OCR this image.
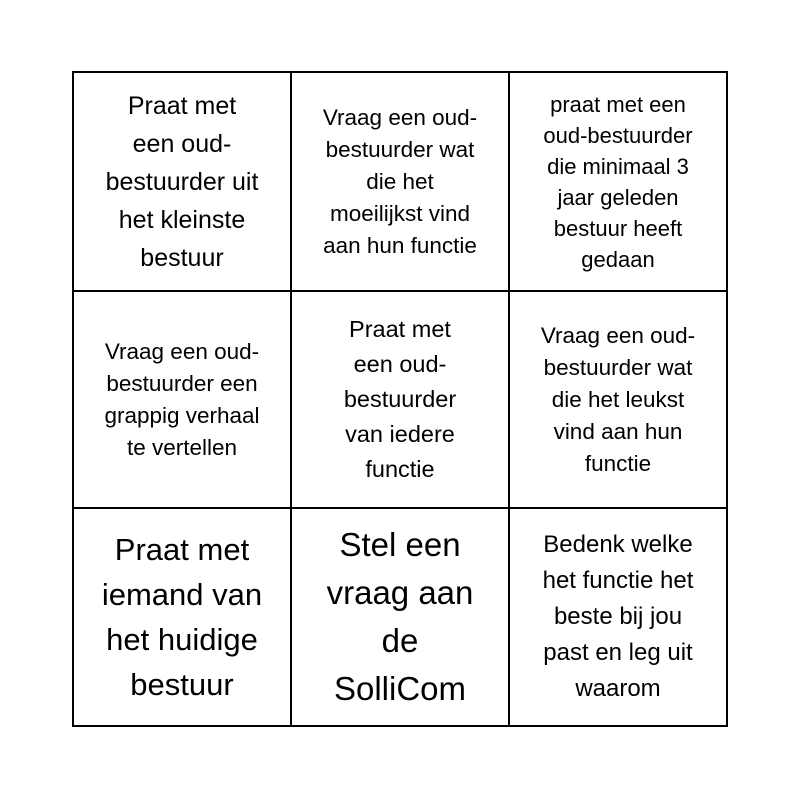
Praat met
een oud-
bestuurder uit
het kleinste
bestuur
Vraag een oud-
bestuurder wat
die het
moeilijkst vind
aan hun functie
praat met een
oud-bestuurder
die minimaal 3
jaar geleden
bestuur heeft
gedaan
Vraag een oud-
bestuurder een
grappig verhaal
te vertellen
Praat met
een oud-
bestuurder
van iedere
functie
Vraag een oud-
bestuurder wat
die het leukst
vind aan hun
functie
Praat met
iemand van
het huidige
bestuur
Stel een
vraag aan
de
SolliCom
Bedenk welke
het functie het
beste bij jou
past en leg uit
waarom
